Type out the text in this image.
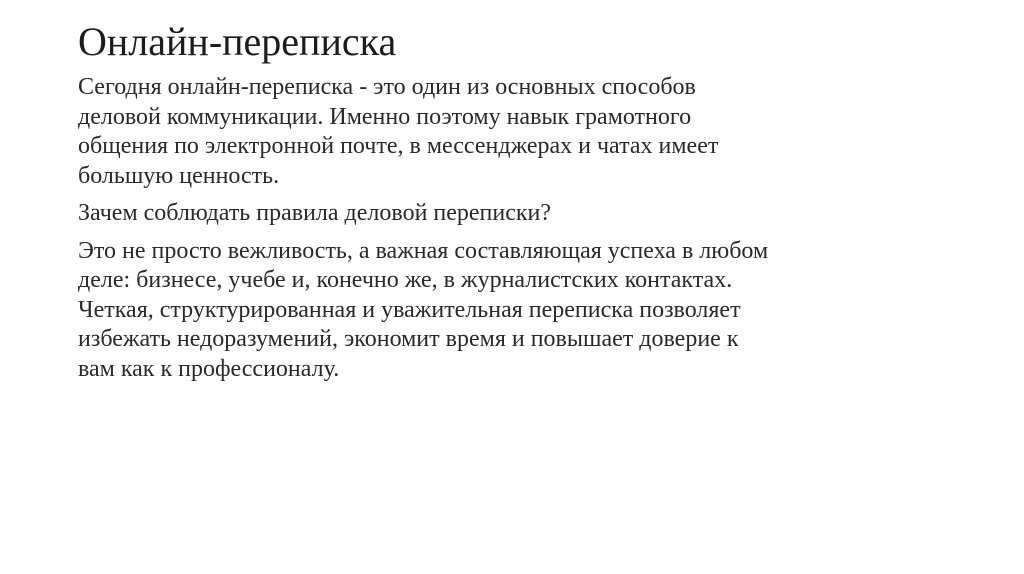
Онлайн-переписка

Сегодня онлайн-переписка - это один из основных способов
деловой коммуникации. Именно поэтому навык грамотного
общения по электронной почте, в мессенджерах и чатах имеет
большую ценность.

Зачем соблюдать правила деловой переписки?

Это не просто вежливость, а важная составляющая успеха в любом
деле: бизнесе, учебе и, конечно же, в журналистских контактах.
Четкая, структурированная и уважительная переписка позволяет
избежать недоразумений, экономит время и повышает доверие к
вам как к профессионалу.
